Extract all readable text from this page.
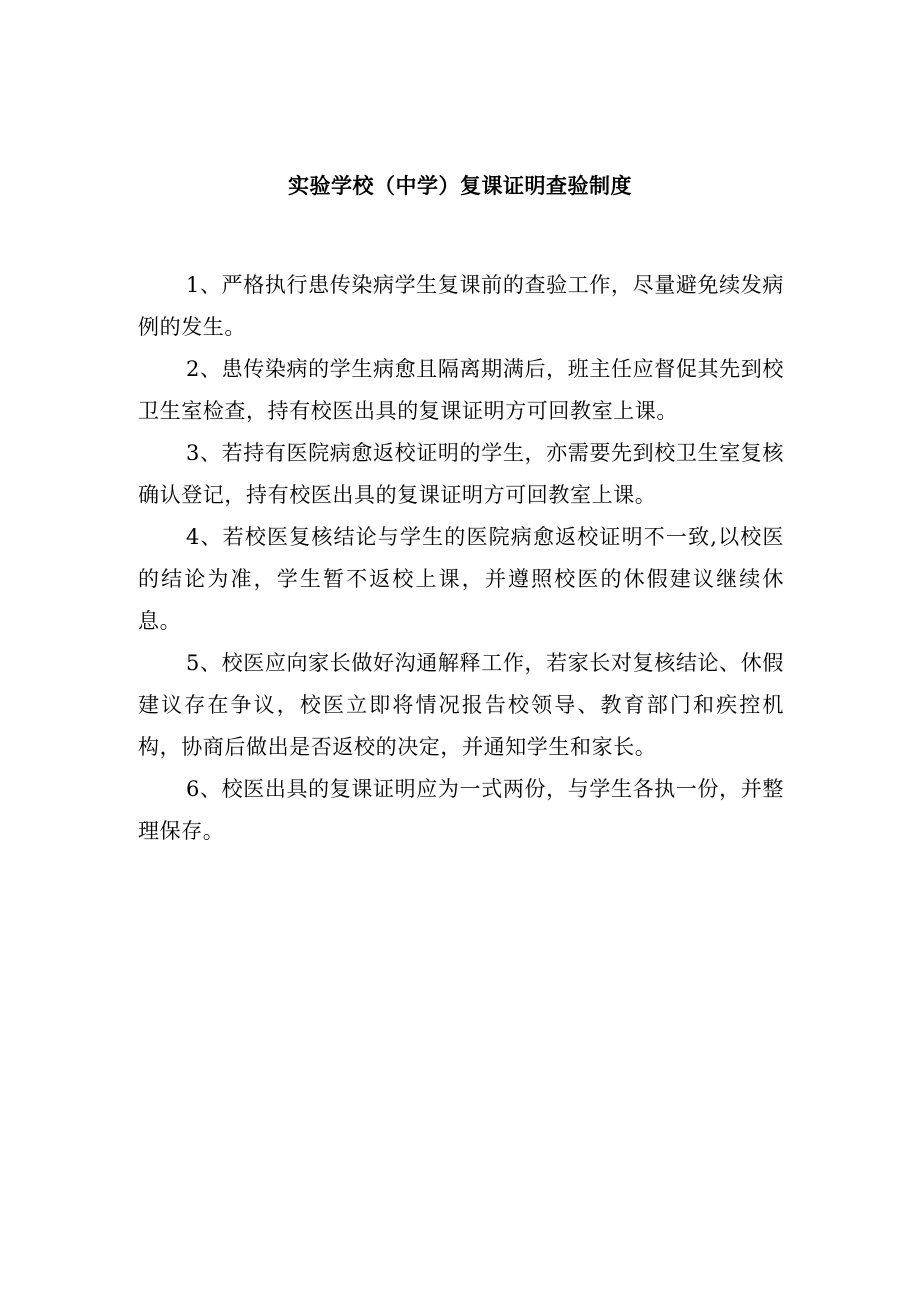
实验学校（中学）复课证明查验制度

1、严格执行患传染病学生复课前的查验工作，尽量避免续发病例的发生。

2、患传染病的学生病愈且隔离期满后，班主任应督促其先到校卫生室检查，持有校医出具的复课证明方可回教室上课。

3、若持有医院病愈返校证明的学生，亦需要先到校卫生室复核确认登记，持有校医出具的复课证明方可回教室上课。

4、若校医复核结论与学生的医院病愈返校证明不一致,以校医的结论为准，学生暂不返校上课，并遵照校医的休假建议继续休息。

5、校医应向家长做好沟通解释工作，若家长对复核结论、休假建议存在争议，校医立即将情况报告校领导、教育部门和疾控机构，协商后做出是否返校的决定，并通知学生和家长。

6、校医出具的复课证明应为一式两份，与学生各执一份，并整理保存。
